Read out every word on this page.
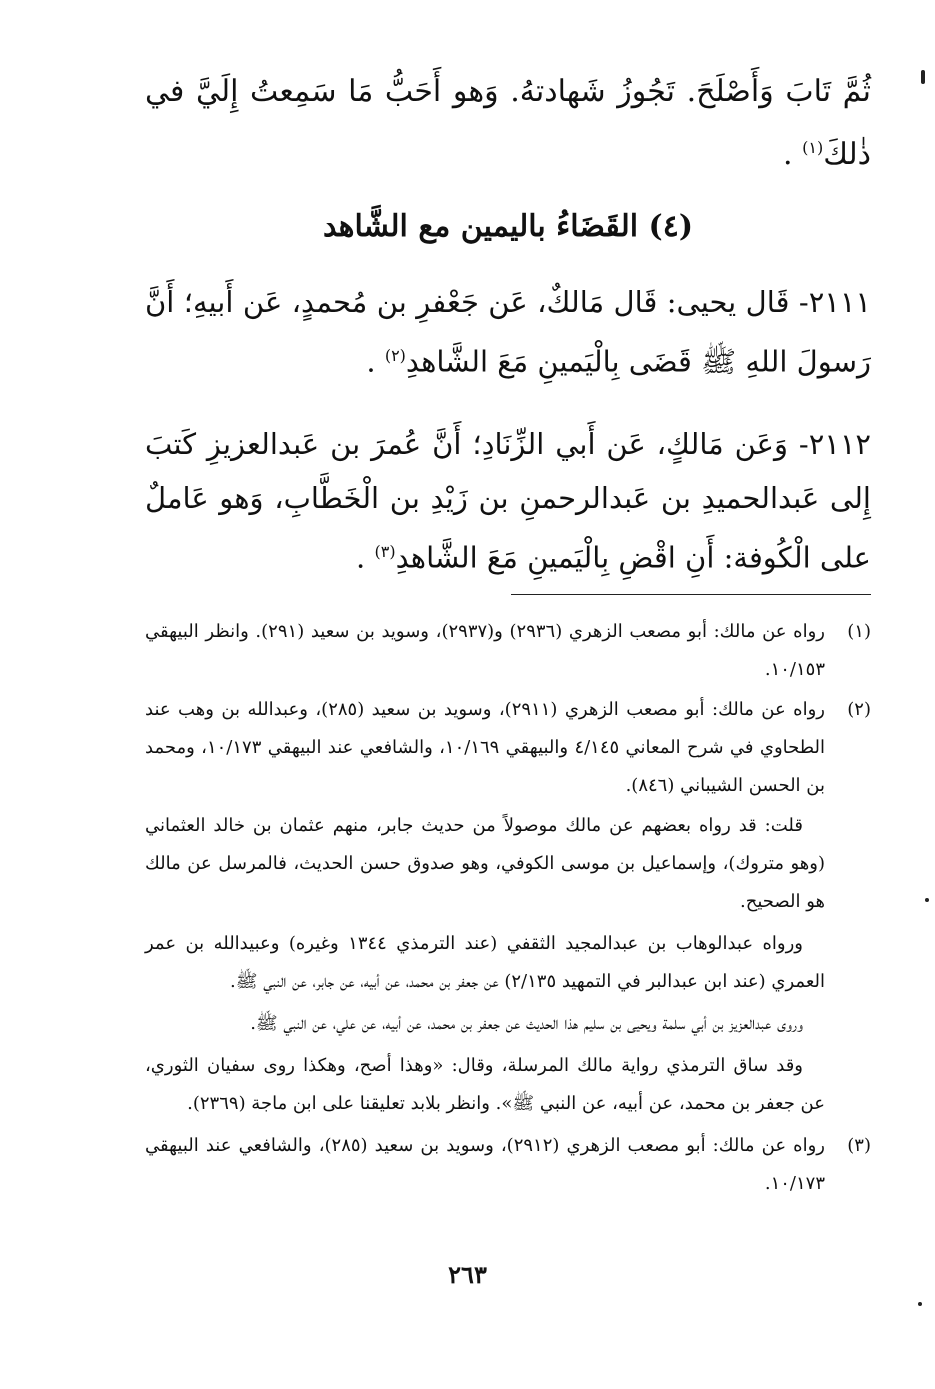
ثُمَّ تَابَ وَأَصْلَحَ. تَجُوزُ شَهادتهُ. وَهو أَحَبُّ مَا سَمِعتُ إِلَيَّ في ذٰلكَ$^{(١)}$ .

(٤) القَضَاءُ باليمين مع الشَّاهد

٢١١١- قَال يحيى: قَال مَالكٌ، عَن جَعْفرِ بن مُحمدٍ، عَن أَبيهِ؛ أَنَّ رَسولَ اللهِ ﷺ قَضَى بِالْيَمينِ مَعَ الشَّاهدِ$^{(٢)}$ .

٢١١٢- وَعَن مَالكٍ، عَن أَبي الزِّنَادِ؛ أَنَّ عُمرَ بن عَبدالعزيزِ كَتبَ إِلى عَبدالحميدِ بن عَبدالرحمنِ بن زَيْدِ بن الْخَطَّابِ، وَهو عَاملٌ على الْكُوفة: أَنِ اقْضِ بِالْيَمينِ مَعَ الشَّاهدِ$^{(٣)}$ .

(١)
رواه عن مالك: أبو مصعب الزهري (٢٩٣٦) و(٢٩٣٧)، وسويد بن سعيد (٢٩١). وانظر البيهقي ١٠/١٥٣.
(٢)
رواه عن مالك: أبو مصعب الزهري (٢٩١١)، وسويد بن سعيد (٢٨٥)، وعبدالله بن وهب عند الطحاوي في شرح المعاني ٤/١٤٥ والبيهقي ١٠/١٦٩، والشافعي عند البيهقي ١٠/١٧٣، ومحمد بن الحسن الشيباني (٨٤٦).

قلت: قد رواه بعضهم عن مالك موصولاً من حديث جابر، منهم عثمان بن خالد العثماني (وهو متروك)، وإسماعيل بن موسى الكوفي، وهو صدوق حسن الحديث، فالمرسل عن مالك هو الصحيح.

ورواه عبدالوهاب بن عبدالمجيد الثقفي (عند الترمذي ١٣٤٤ وغيره) وعبيدالله بن عمر العمري (عند ابن عبدالبر في التمهيد ٢/١٣٥) عن جعفر بن محمد، عن أبيه، عن جابر، عن النبي ﷺ.

وروى عبدالعزيز بن أبي سلمة ويحيى بن سليم هذا الحديث عن جعفر بن محمد، عن أبيه، عن علي، عن النبي ﷺ.

وقد ساق الترمذي رواية مالك المرسلة، وقال: «وهذا أصح، وهكذا روى سفيان الثوري، عن جعفر بن محمد، عن أبيه، عن النبي ﷺ». وانظر بلابد تعليقنا على ابن ماجة (٢٣٦٩).

(٣)
رواه عن مالك: أبو مصعب الزهري (٢٩١٢)، وسويد بن سعيد (٢٨٥)، والشافعي عند البيهقي ١٠/١٧٣.
٢٦٣
